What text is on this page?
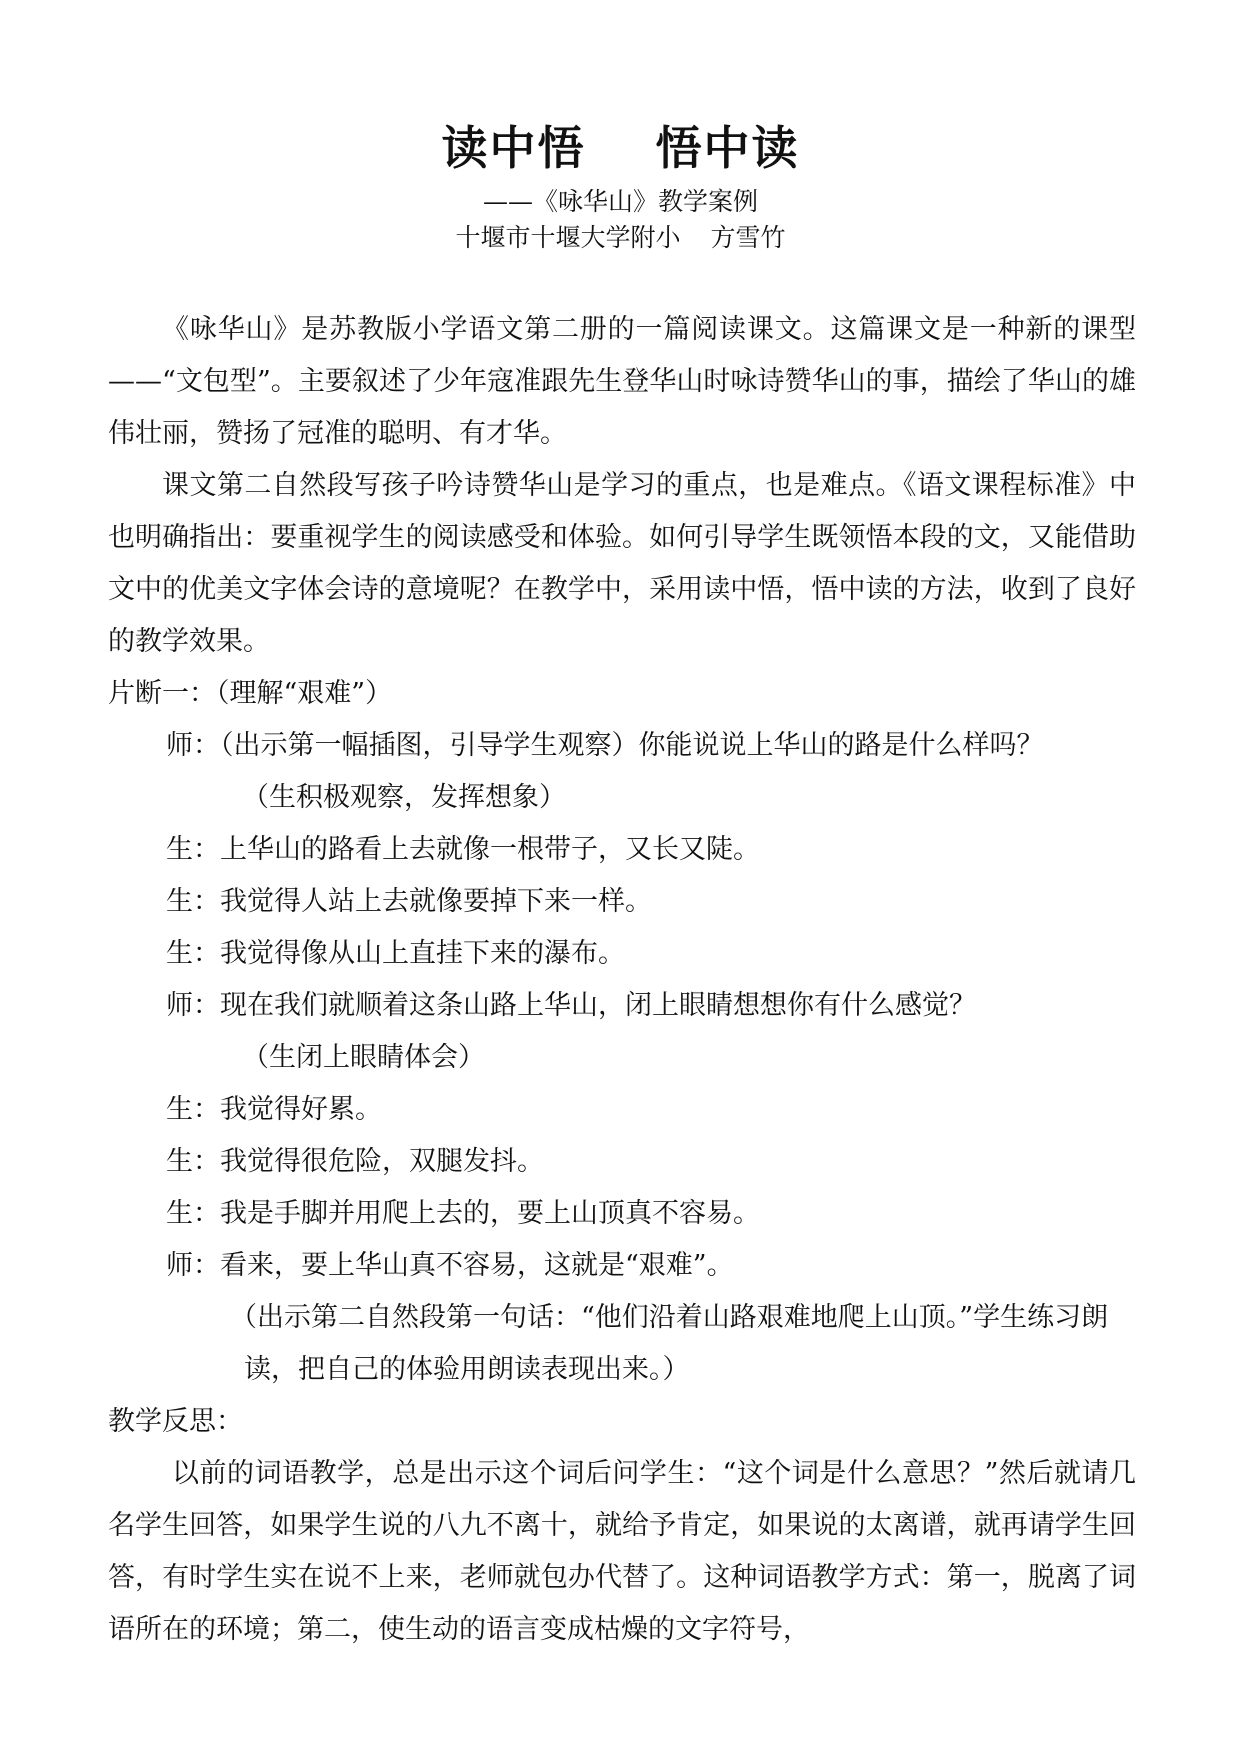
读中悟 悟中读
——《咏华山》教学案例
十堰市十堰大学附小 方雪竹

《咏华山》是苏教版小学语文第二册的一篇阅读课文。这篇课文是一种新的课型——“文包型”。主要叙述了少年寇准跟先生登华山时咏诗赞华山的事，描绘了华山的雄伟壮丽，赞扬了冠准的聪明、有才华。

课文第二自然段写孩子吟诗赞华山是学习的重点，也是难点。《语文课程标准》中也明确指出：要重视学生的阅读感受和体验。如何引导学生既领悟本段的文，又能借助文中的优美文字体会诗的意境呢？在教学中，采用读中悟，悟中读的方法，收到了良好的教学效果。

片断一：（理解“艰难”）

师：（出示第一幅插图，引导学生观察）你能说说上华山的路是什么样吗？

（生积极观察，发挥想象）

生：上华山的路看上去就像一根带子，又长又陡。

生：我觉得人站上去就像要掉下来一样。

生：我觉得像从山上直挂下来的瀑布。

师：现在我们就顺着这条山路上华山，闭上眼睛想想你有什么感觉？

（生闭上眼睛体会）

生：我觉得好累。

生：我觉得很危险，双腿发抖。

生：我是手脚并用爬上去的，要上山顶真不容易。

师：看来，要上华山真不容易，这就是“艰难”。

（出示第二自然段第一句话：“他们沿着山路艰难地爬上山顶。”学生练习朗读，把自己的体验用朗读表现出来。）

教学反思：

以前的词语教学，总是出示这个词后问学生：“这个词是什么意思？”然后就请几名学生回答，如果学生说的八九不离十，就给予肯定，如果说的太离谱，就再请学生回答，有时学生实在说不上来，老师就包办代替了。这种词语教学方式：第一，脱离了词语所在的环境；第二，使生动的语言变成枯燥的文字符号，
